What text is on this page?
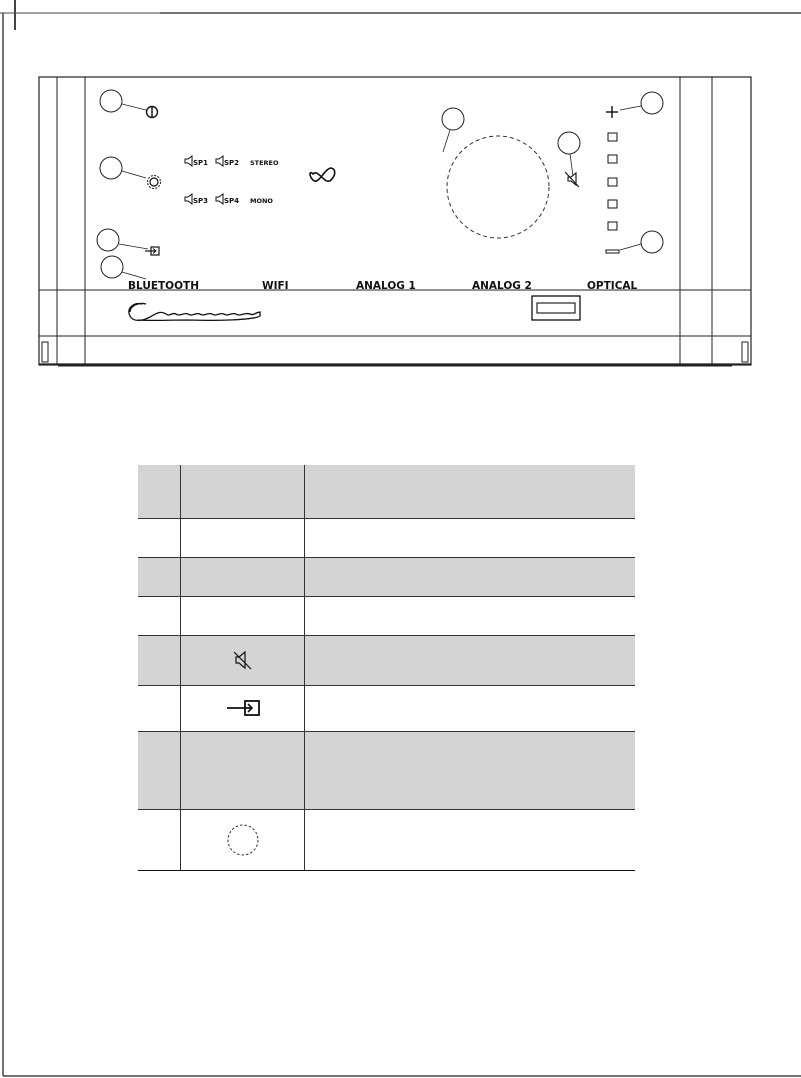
SP1 SP2 STEREO
SP3 SP4 MONO
BLUETOOTH	WIFI	ANALOG 1	ANALOG 2	OPTICAL
